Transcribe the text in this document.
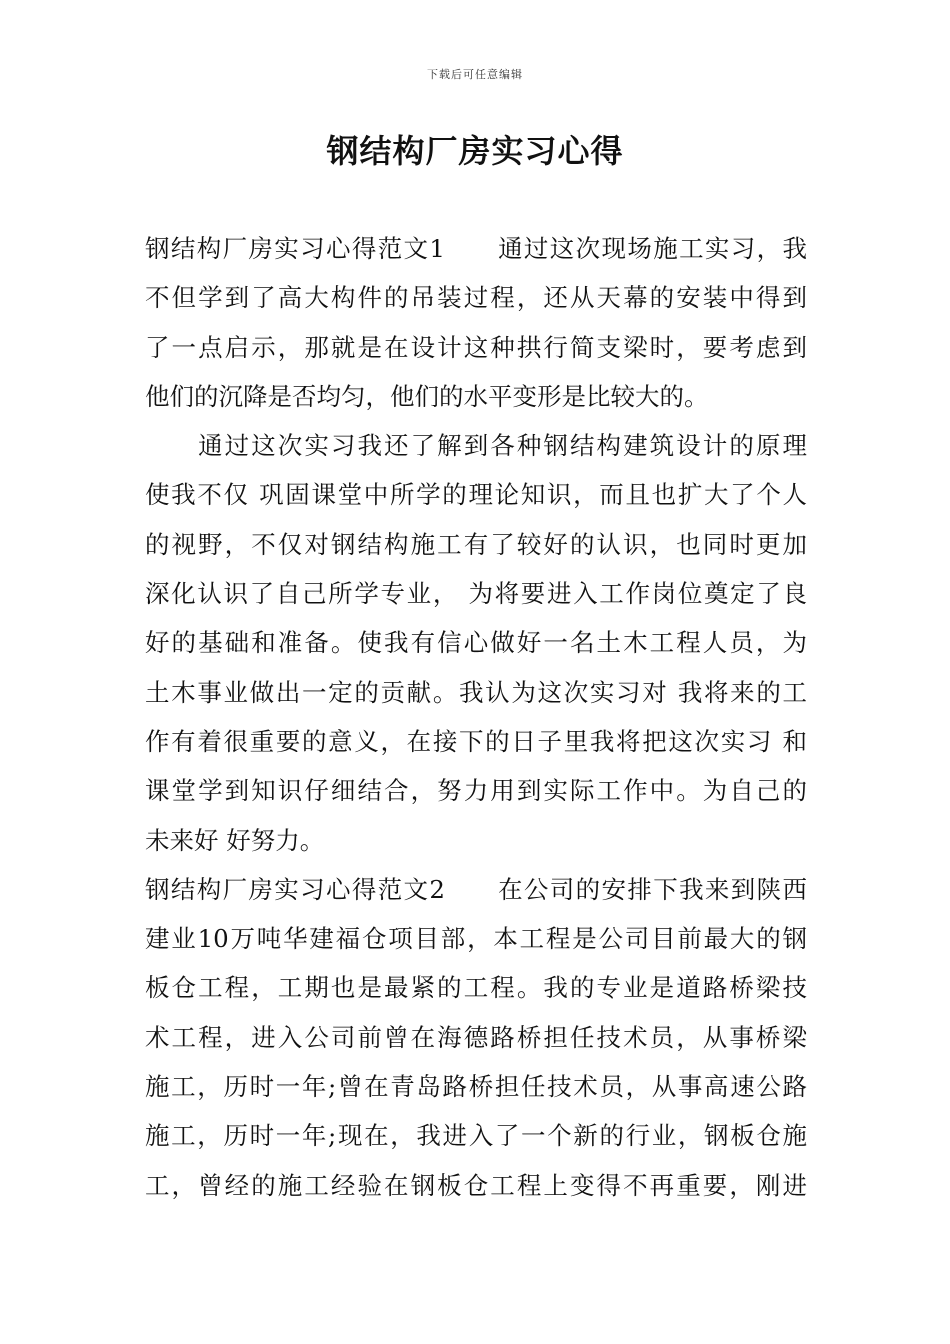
下载后可任意编辑
钢结构厂房实习心得
钢结构厂房实习心得范文1　　通过这次现场施工实习，我
不但学到了高大构件的吊装过程，还从天幕的安装中得到
了一点启示，那就是在设计这种拱行简支梁时，要考虑到
他们的沉降是否均匀，他们的水平变形是比较大的。
　　通过这次实习我还了解到各种钢结构建筑设计的原理
使我不仅 巩固课堂中所学的理论知识，而且也扩大了个人
的视野，不仅对钢结构施工有了较好的认识，也同时更加
深化认识了自己所学专业， 为将要进入工作岗位奠定了良
好的基础和准备。使我有信心做好一名土木工程人员，为
土木事业做出一定的贡献。我认为这次实习对 我将来的工
作有着很重要的意义，在接下的日子里我将把这次实习 和
课堂学到知识仔细结合，努力用到实际工作中。为自己的
未来好 好努力。
钢结构厂房实习心得范文2　　在公司的安排下我来到陕西
建业10万吨华建福仓项目部，本工程是公司目前最大的钢
板仓工程，工期也是最紧的工程。我的专业是道路桥梁技
术工程，进入公司前曾在海德路桥担任技术员，从事桥梁
施工，历时一年;曾在青岛路桥担任技术员，从事高速公路
施工，历时一年;现在，我进入了一个新的行业，钢板仓施
工，曾经的施工经验在钢板仓工程上变得不再重要，刚进
